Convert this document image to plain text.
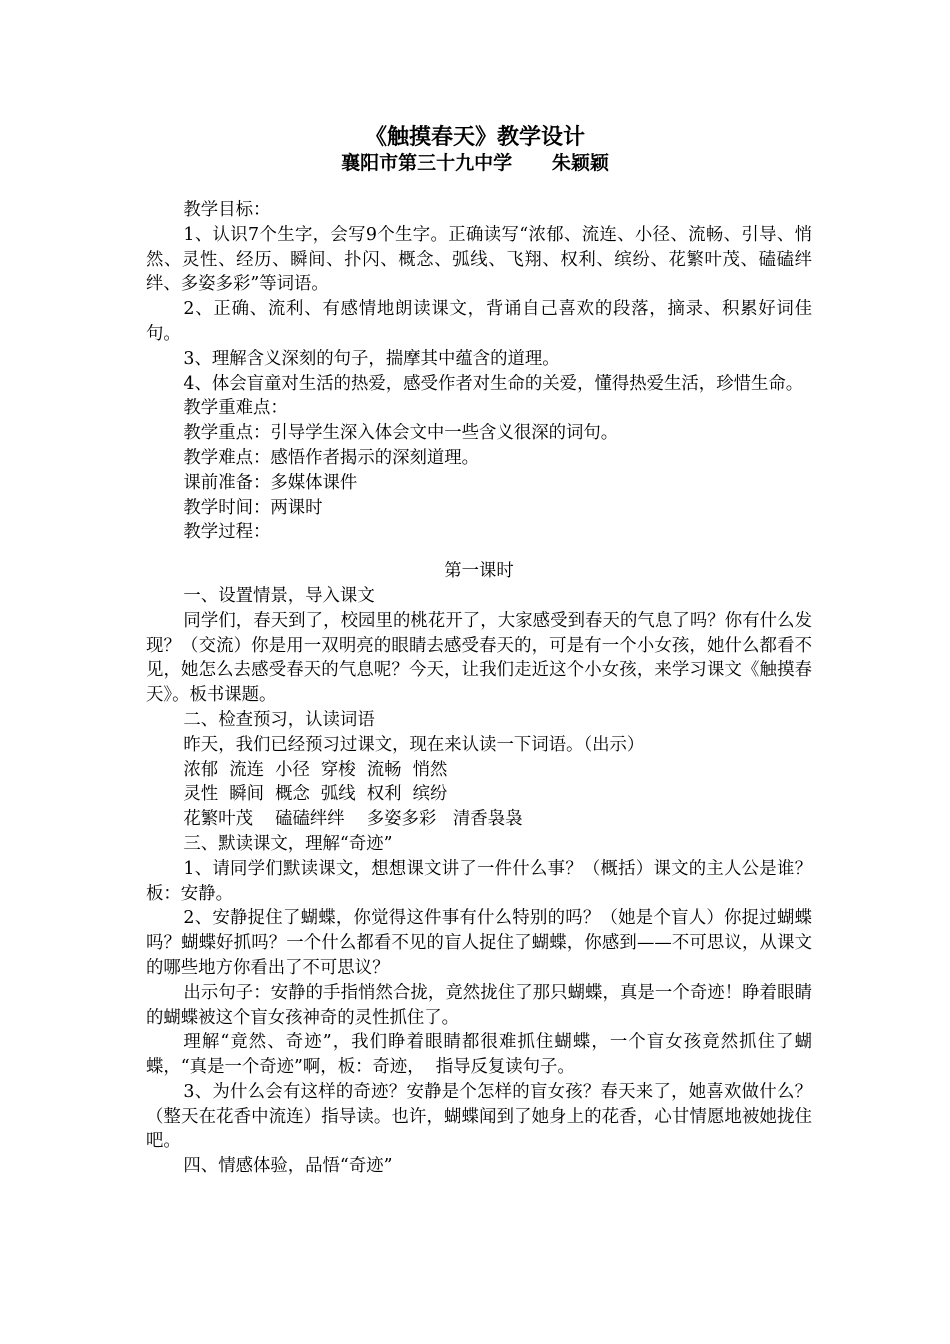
《触摸春天》教学设计
襄阳市第三十九中学      朱颖颖

教学目标：

1、认识7个生字，会写9个生字。正确读写“浓郁、流连、小径、流畅、引导、悄然、灵性、经历、瞬间、扑闪、概念、弧线、飞翔、权利、缤纷、花繁叶茂、磕磕绊绊、多姿多彩”等词语。

2、正确、流利、有感情地朗读课文，背诵自己喜欢的段落，摘录、积累好词佳句。

3、理解含义深刻的句子，揣摩其中蕴含的道理。

4、体会盲童对生活的热爱，感受作者对生命的关爱，懂得热爱生活，珍惜生命。

教学重难点：

教学重点：引导学生深入体会文中一些含义很深的词句。

教学难点：感悟作者揭示的深刻道理。

课前准备：多媒体课件

教学时间：两课时

教学过程：

第一课时

一、设置情景，导入课文

同学们，春天到了，校园里的桃花开了，大家感受到春天的气息了吗？你有什么发现？（交流）你是用一双明亮的眼睛去感受春天的，可是有一个小女孩，她什么都看不见，她怎么去感受春天的气息呢？今天，让我们走近这个小女孩，来学习课文《触摸春天》。板书课题。

二、检查预习，认读词语

昨天，我们已经预习过课文，现在来认读一下词语。（出示）

浓郁  流连  小径  穿梭  流畅  悄然

灵性  瞬间  概念  弧线  权利  缤纷

花繁叶茂    磕磕绊绊    多姿多彩   清香袅袅

三、默读课文，理解“奇迹”

1、请同学们默读课文，想想课文讲了一件什么事？（概括）课文的主人公是谁？板：安静。

2、安静捉住了蝴蝶，你觉得这件事有什么特别的吗？（她是个盲人）你捉过蝴蝶吗？蝴蝶好抓吗？一个什么都看不见的盲人捉住了蝴蝶，你感到——不可思议，从课文的哪些地方你看出了不可思议？

出示句子：安静的手指悄然合拢，竟然拢住了那只蝴蝶，真是一个奇迹！睁着眼睛的蝴蝶被这个盲女孩神奇的灵性抓住了。

理解“竟然、奇迹”，我们睁着眼睛都很难抓住蝴蝶，一个盲女孩竟然抓住了蝴蝶，“真是一个奇迹”啊，板：奇迹，  指导反复读句子。

3、为什么会有这样的奇迹？安静是个怎样的盲女孩？春天来了，她喜欢做什么？（整天在花香中流连）指导读。也许，蝴蝶闻到了她身上的花香，心甘情愿地被她拢住吧。

四、情感体验，品悟“奇迹”
